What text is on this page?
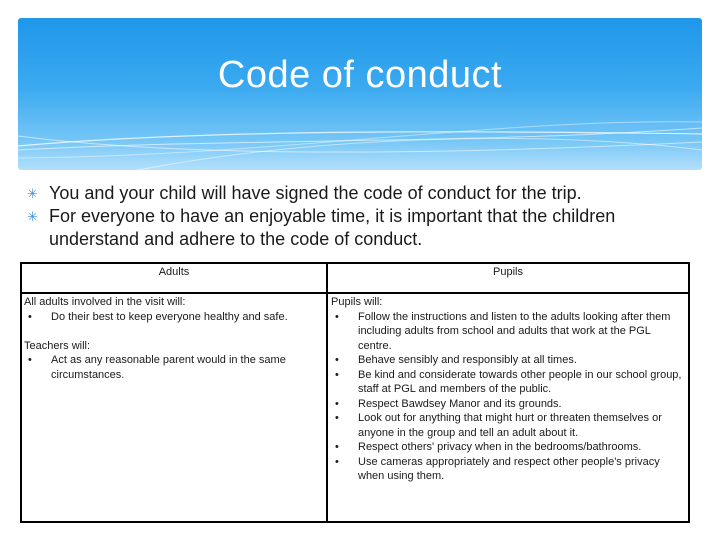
Code of conduct
✳ You and your child will have signed the code of conduct for the trip.
✳ For everyone to have an enjoyable time, it is important that the children understand and adhere to the code of conduct.
Adults	Pupils
All adults involved in the visit will:
• Do their best to keep everyone healthy and safe.
Teachers will:
• Act as any reasonable parent would in the same circumstances.
Pupils will:
• Follow the instructions and listen to the adults looking after them including adults from school and adults that work at the PGL centre.
• Behave sensibly and responsibly at all times.
• Be kind and considerate towards other people in our school group, staff at PGL and members of the public.
• Respect Bawdsey Manor and its grounds.
• Look out for anything that might hurt or threaten themselves or anyone in the group and tell an adult about it.
• Respect others' privacy when in the bedrooms/bathrooms.
• Use cameras appropriately and respect other people's privacy when using them.
